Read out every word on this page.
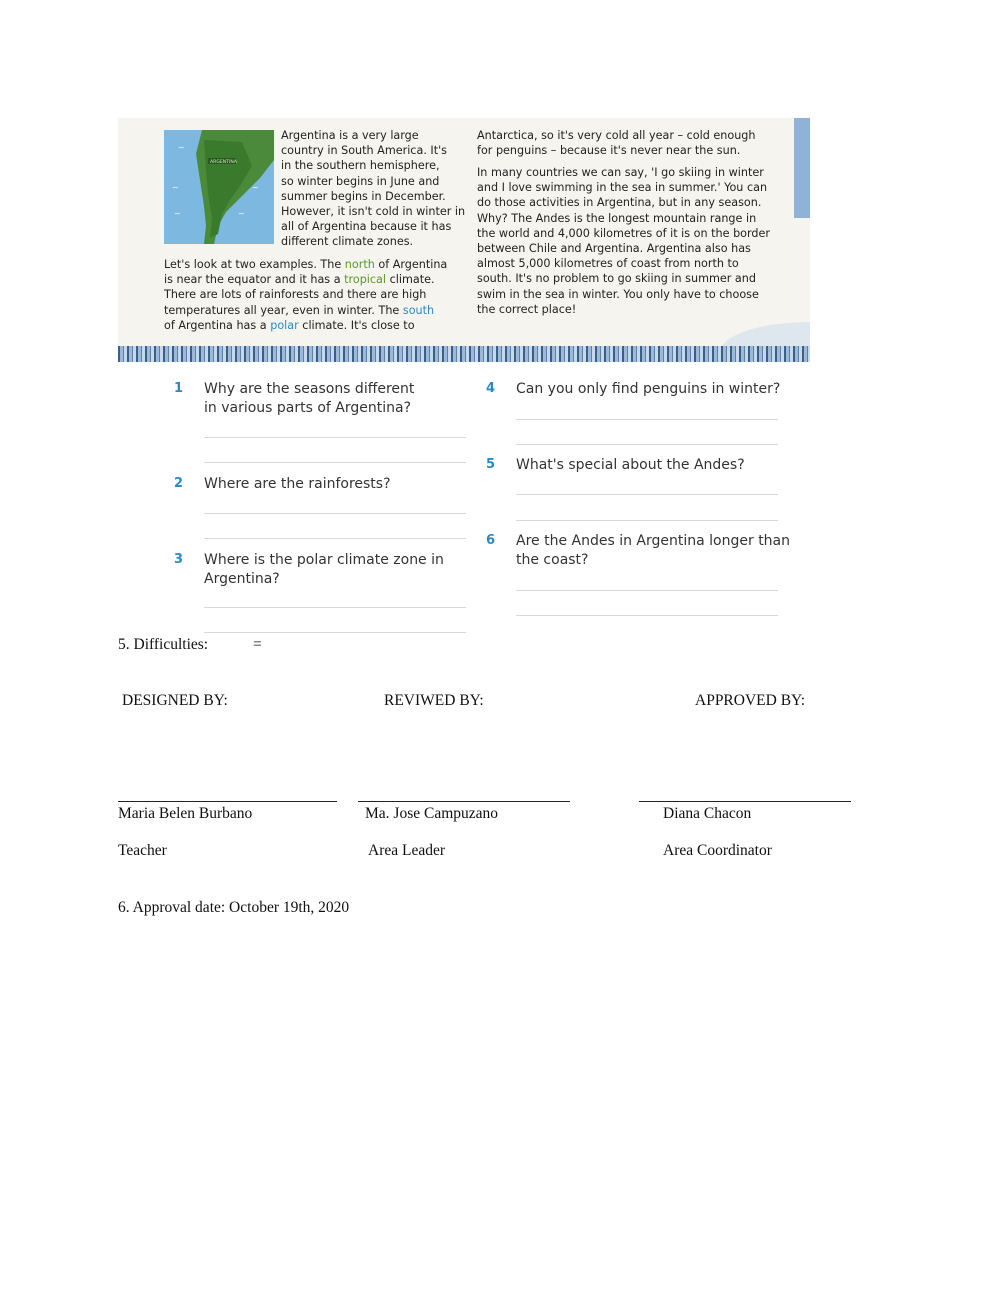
~
~
~	~
~
ARGENTINA

Argentina is a very large

country in South America. It's

in the southern hemisphere,

so winter begins in June and

summer begins in December.

However, it isn't cold in winter in

all of Argentina because it has

different climate zones.

Let's look at two examples. The north of Argentina

is near the equator and it has a tropical climate.

There are lots of rainforests and there are high

temperatures all year, even in winter. The south

of Argentina has a polar climate. It's close to

Antarctica, so it's very cold all year – cold enough

for penguins – because it's never near the sun.

In many countries we can say, 'I go skiing in winter

and I love swimming in the sea in summer.' You can

do those activities in Argentina, but in any season.

Why? The Andes is the longest mountain range in

the world and 4,000 kilometres of it is on the border

between Chile and Argentina. Argentina also has

almost 5,000 kilometres of coast from north to

south. It's no problem to go skiing in summer and

swim in the sea in winter. You only have to choose

the correct place!

1 Why are the seasons different
in various parts of Argentina?
2 Where are the rainforests?
3 Where is the polar climate zone in
Argentina?
4 Can you only find penguins in winter?
5 What's special about the Andes?
6 Are the Andes in Argentina longer than
the coast?
5. Difficulties:	=
DESIGNED BY:	REVIWED BY:	APPROVED BY:
Maria Belen Burbano	Ma. Jose Campuzano	Diana Chacon
Teacher	Area Leader	Area Coordinator
6. Approval date: October 19th, 2020
